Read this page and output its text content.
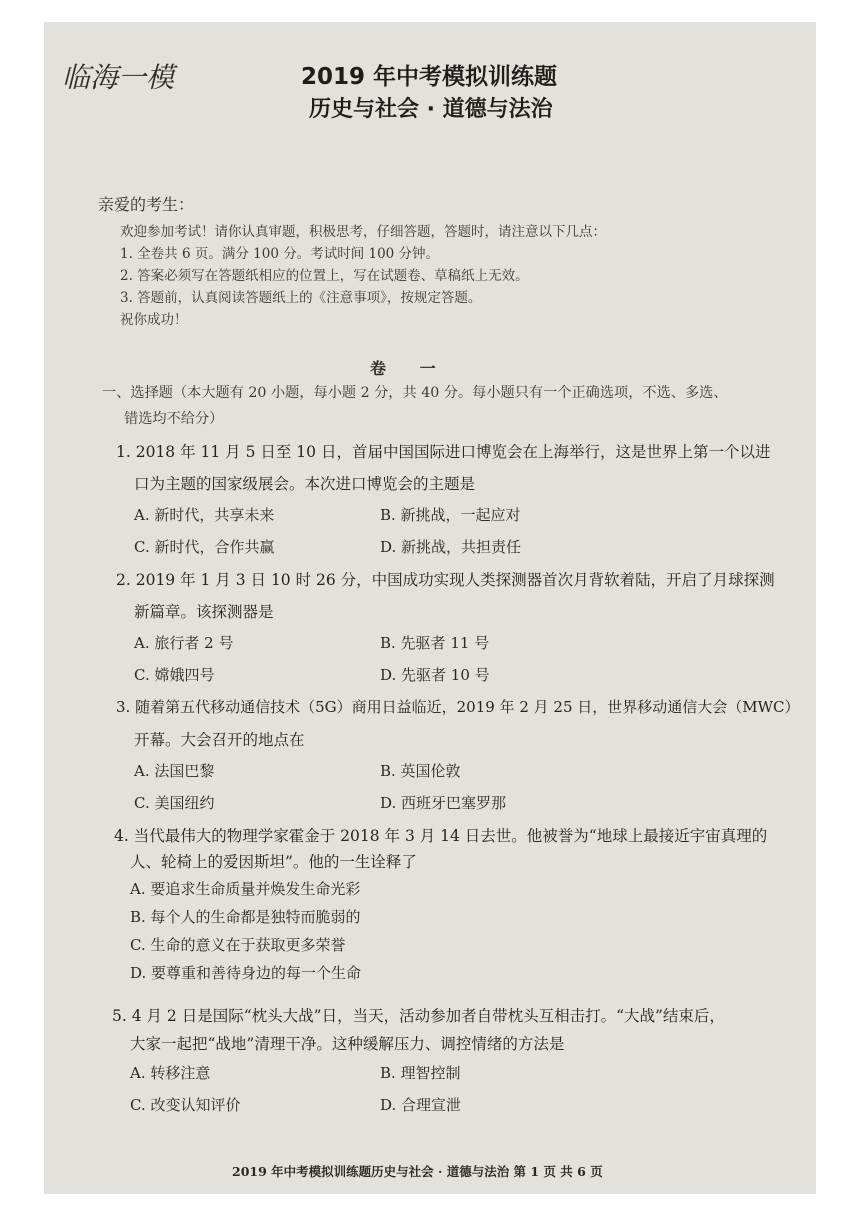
临海一模	2019 年中考模拟训练题
历史与社会 · 道德与法治
亲爱的考生：
欢迎参加考试！请你认真审题，积极思考，仔细答题，答题时，请注意以下几点：
1. 全卷共 6 页。满分 100 分。考试时间 100 分钟。
2. 答案必须写在答题纸相应的位置上，写在试题卷、草稿纸上无效。
3. 答题前，认真阅读答题纸上的《注意事项》，按规定答题。
祝你成功！
卷 一
一、选择题（本大题有 20 小题，每小题 2 分，共 40 分。每小题只有一个正确选项，不选、多选、
错选均不给分）
1. 2018 年 11 月 5 日至 10 日，首届中国国际进口博览会在上海举行，这是世界上第一个以进
口为主题的国家级展会。本次进口博览会的主题是
A. 新时代，共享未来	B. 新挑战，一起应对
C. 新时代，合作共赢	D. 新挑战，共担责任
2. 2019 年 1 月 3 日 10 时 26 分，中国成功实现人类探测器首次月背软着陆，开启了月球探测
新篇章。该探测器是
A. 旅行者 2 号	B. 先驱者 11 号
C. 嫦娥四号	D. 先驱者 10 号
3. 随着第五代移动通信技术（5G）商用日益临近，2019 年 2 月 25 日，世界移动通信大会（MWC）
开幕。大会召开的地点在
A. 法国巴黎	B. 英国伦敦
C. 美国纽约	D. 西班牙巴塞罗那
4. 当代最伟大的物理学家霍金于 2018 年 3 月 14 日去世。他被誉为“地球上最接近宇宙真理的
人、轮椅上的爱因斯坦”。他的一生诠释了
A. 要追求生命质量并焕发生命光彩
B. 每个人的生命都是独特而脆弱的
C. 生命的意义在于获取更多荣誉
D. 要尊重和善待身边的每一个生命
5. 4 月 2 日是国际“枕头大战”日，当天，活动参加者自带枕头互相击打。“大战”结束后，
大家一起把“战地”清理干净。这种缓解压力、调控情绪的方法是
A. 转移注意	B. 理智控制
C. 改变认知评价	D. 合理宣泄
2019 年中考模拟训练题历史与社会 · 道德与法治 第 1 页 共 6 页
